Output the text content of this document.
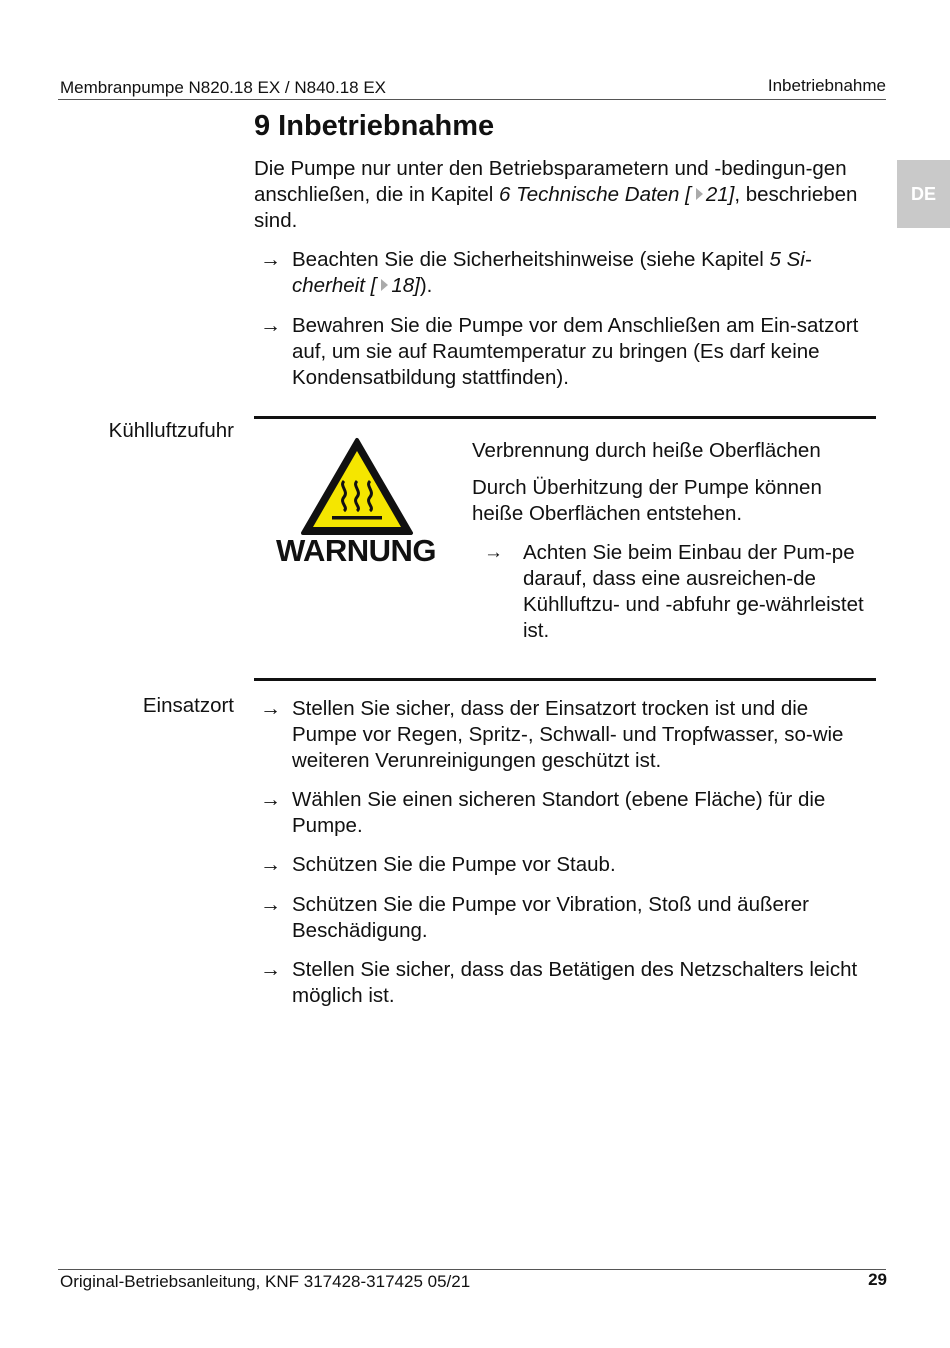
Membranpumpe N820.18 EX / N840.18 EX	Inbetriebnahme
DE
9 Inbetriebnahme
Die Pumpe nur unter den Betriebsparametern und -bedingun-gen anschließen, die in Kapitel 6 Technische Daten [ 21], beschrieben sind.
→ Beachten Sie die Sicherheitshinweise (siehe Kapitel 5 Si-cherheit [ 18]).
→ Bewahren Sie die Pumpe vor dem Anschließen am Ein-satzort auf, um sie auf Raumtemperatur zu bringen (Es darf keine Kondensatbildung stattfinden).
Kühlluftzufuhr
WARNUNG
Verbrennung durch heiße Oberflächen
Durch Überhitzung der Pumpe können heiße Oberflächen entstehen.
→ Achten Sie beim Einbau der Pum-pe darauf, dass eine ausreichen-de Kühlluftzu- und -abfuhr ge-währleistet ist.
Einsatzort → Stellen Sie sicher, dass der Einsatzort trocken ist und die Pumpe vor Regen, Spritz-, Schwall- und Tropfwasser, so-wie weiteren Verunreinigungen geschützt ist.
→ Wählen Sie einen sicheren Standort (ebene Fläche) für die Pumpe.
→ Schützen Sie die Pumpe vor Staub.
→ Schützen Sie die Pumpe vor Vibration, Stoß und äußerer Beschädigung.
→ Stellen Sie sicher, dass das Betätigen des Netzschalters leicht möglich ist.
Original-Betriebsanleitung, KNF 317428-317425 05/21	29
